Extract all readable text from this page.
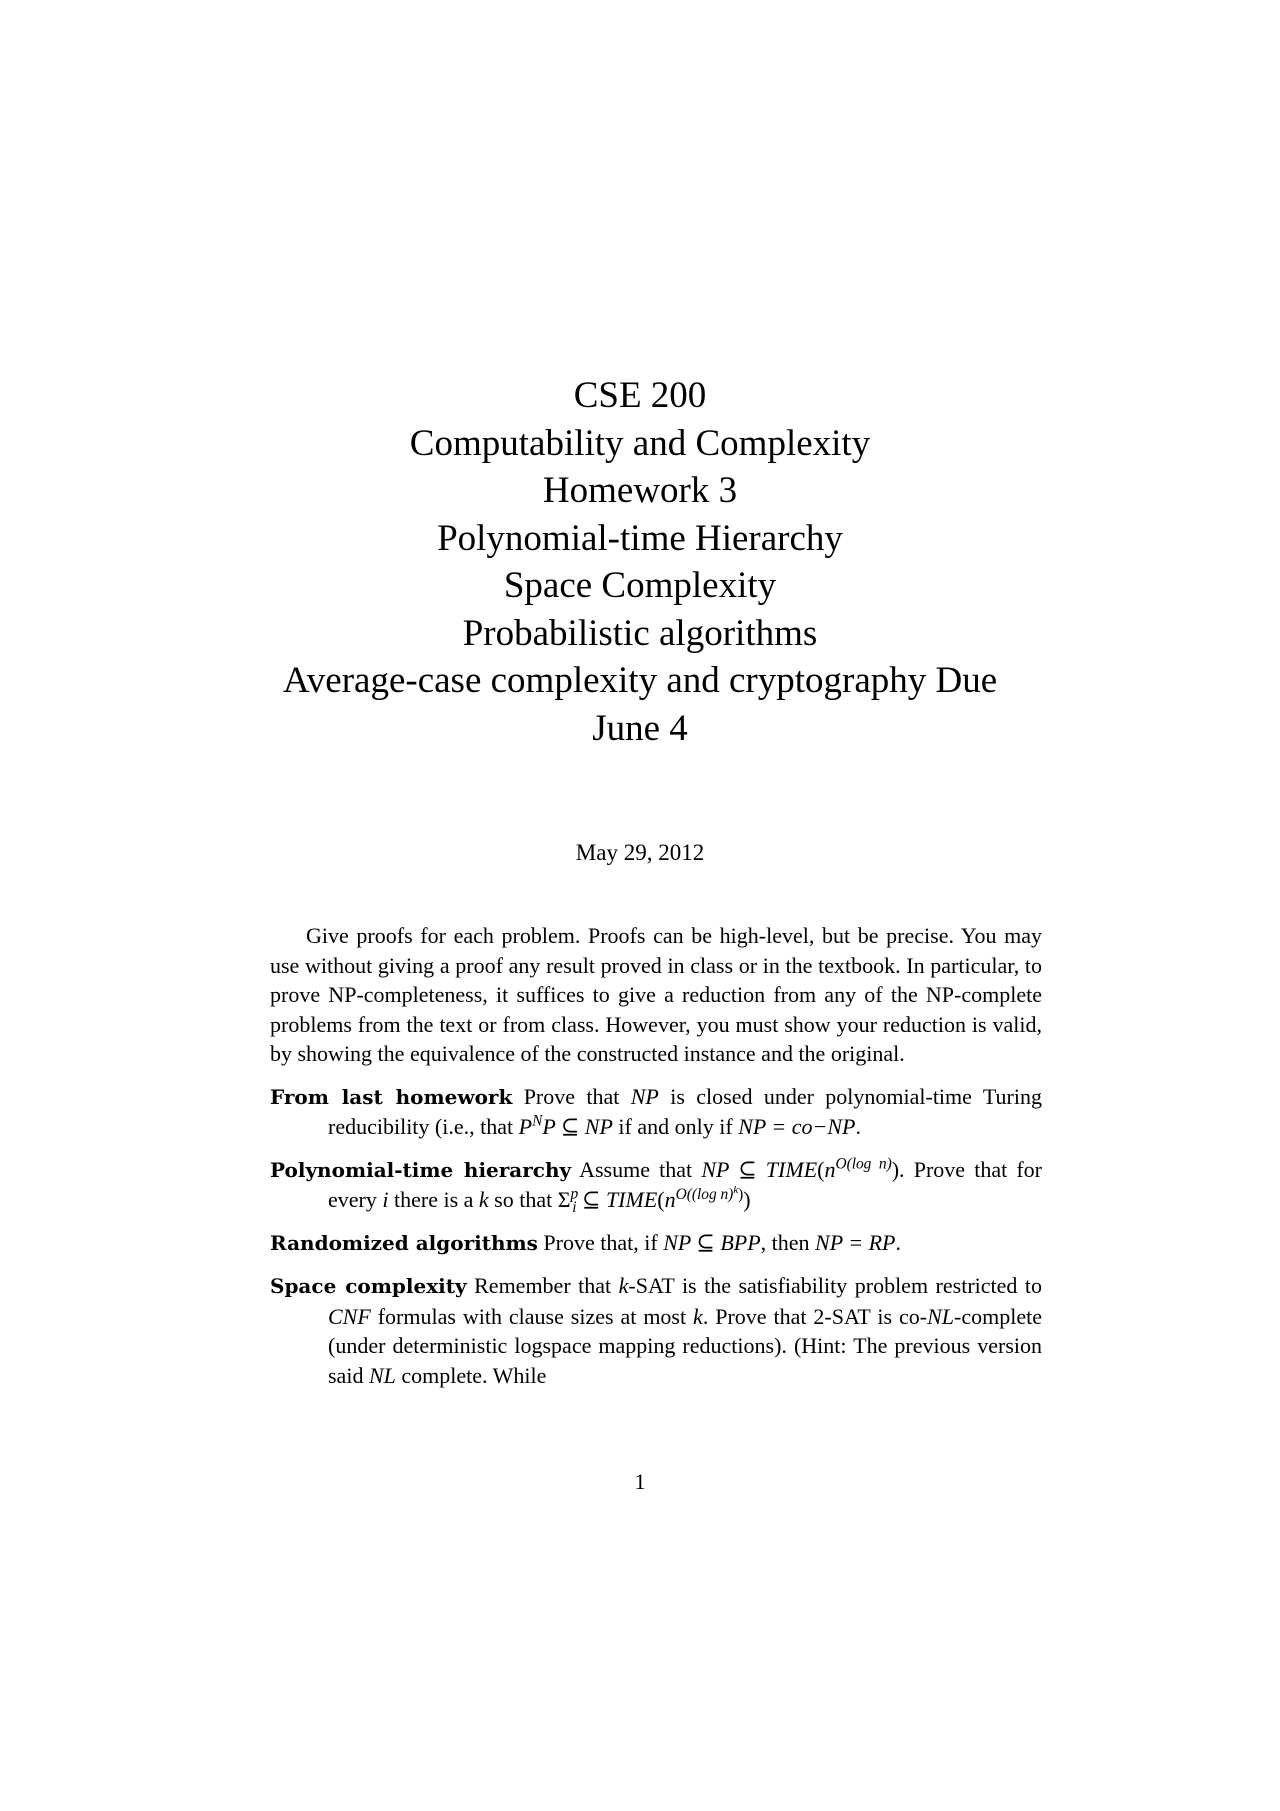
CSE 200
Computability and Complexity
Homework 3
Polynomial-time Hierarchy
Space Complexity
Probabilistic algorithms
Average-case complexity and cryptography Due
June 4
May 29, 2012

Give proofs for each problem. Proofs can be high-level, but be precise. You may use without giving a proof any result proved in class or in the textbook. In particular, to prove NP-completeness, it suffices to give a reduction from any of the NP-complete problems from the text or from class. However, you must show your reduction is valid, by showing the equivalence of the constructed instance and the original.

From last homework Prove that NP is closed under polynomial-time Turing reducibility (i.e., that $P^NP$ ⊆ NP if and only if NP = co−NP.

Polynomial-time hierarchy Assume that NP ⊆ $TIME(n^{O(log n)})$. Prove that for every i there is a k so that $\Sigma^p_i$ ⊆ $TIME(n^{O((log n)^k)})$

Randomized algorithms Prove that, if NP ⊆ BPP, then NP = RP.

Space complexity Remember that k-SAT is the satisfiability problem restricted to CNF formulas with clause sizes at most k. Prove that 2-SAT is co-NL-complete (under deterministic logspace mapping reductions). (Hint: The previous version said NL complete. While

1
